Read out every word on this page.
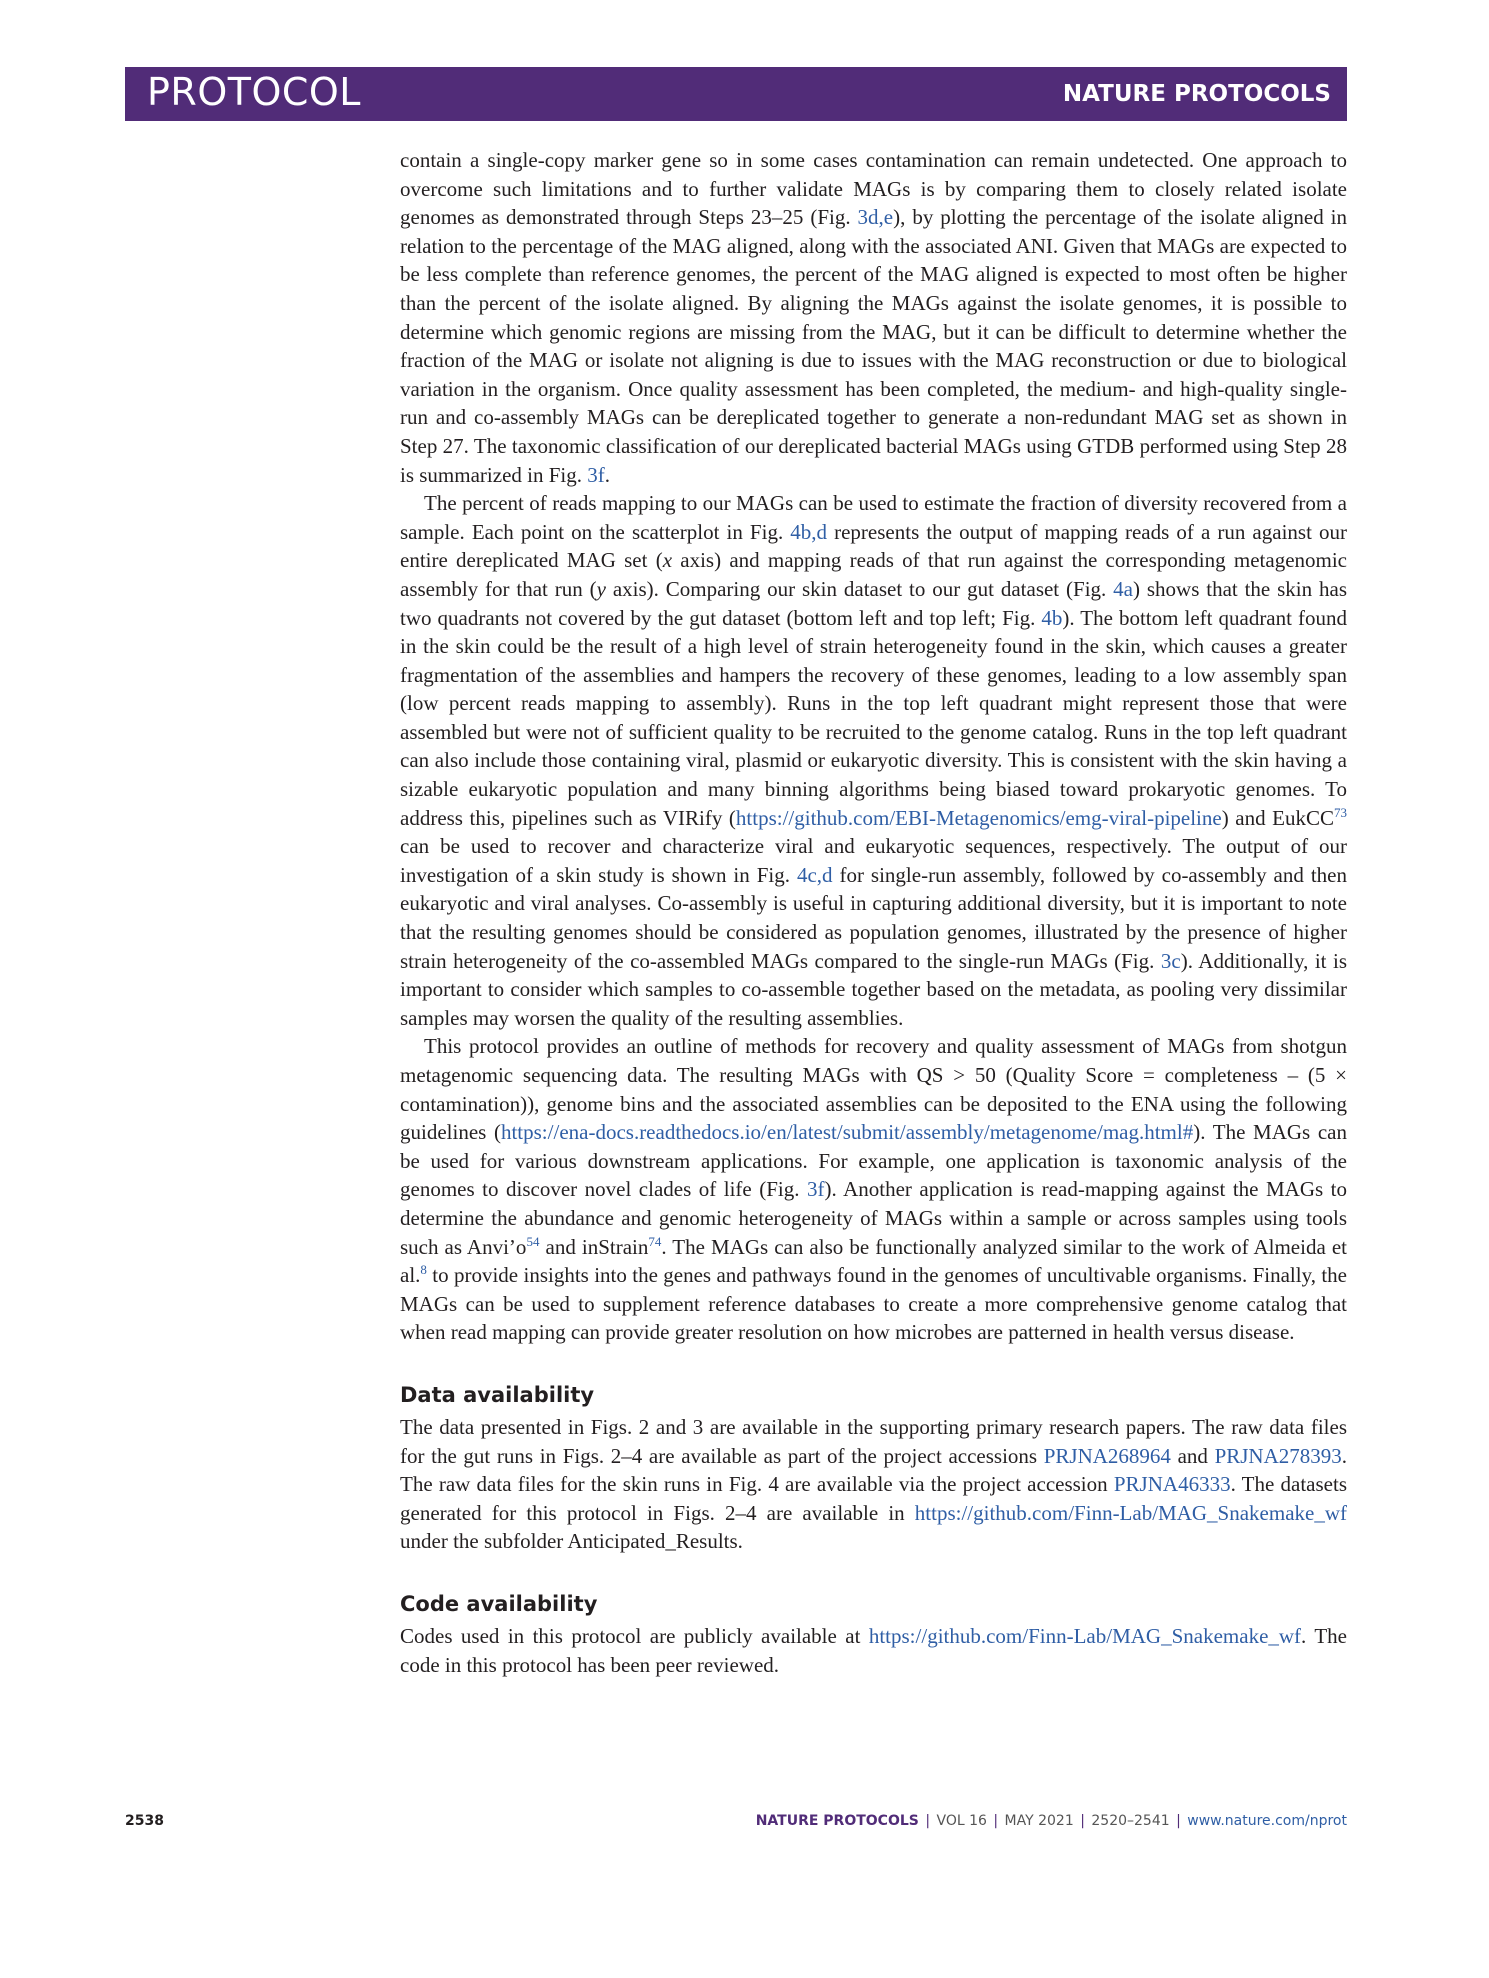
PROTOCOL	NATURE PROTOCOLS

contain a single-copy marker gene so in some cases contamination can remain undetected. One approach to overcome such limitations and to further validate MAGs is by comparing them to closely related isolate genomes as demonstrated through Steps 23–25 (Fig. 3d,e), by plotting the percentage of the isolate aligned in relation to the percentage of the MAG aligned, along with the associated ANI. Given that MAGs are expected to be less complete than reference genomes, the percent of the MAG aligned is expected to most often be higher than the percent of the isolate aligned. By aligning the MAGs against the isolate genomes, it is possible to determine which genomic regions are missing from the MAG, but it can be difficult to determine whether the fraction of the MAG or isolate not aligning is due to issues with the MAG reconstruction or due to biological variation in the organism. Once quality assessment has been completed, the medium- and high-quality single-run and co-assembly MAGs can be dereplicated together to generate a non-redundant MAG set as shown in Step 27. The taxonomic classification of our dereplicated bacterial MAGs using GTDB performed using Step 28 is summarized in Fig. 3f.

The percent of reads mapping to our MAGs can be used to estimate the fraction of diversity recovered from a sample. Each point on the scatterplot in Fig. 4b,d represents the output of mapping reads of a run against our entire dereplicated MAG set (x axis) and mapping reads of that run against the corresponding metagenomic assembly for that run (y axis). Comparing our skin dataset to our gut dataset (Fig. 4a) shows that the skin has two quadrants not covered by the gut dataset (bottom left and top left; Fig. 4b). The bottom left quadrant found in the skin could be the result of a high level of strain heterogeneity found in the skin, which causes a greater fragmentation of the assemblies and hampers the recovery of these genomes, leading to a low assembly span (low percent reads mapping to assembly). Runs in the top left quadrant might represent those that were assembled but were not of sufficient quality to be recruited to the genome catalog. Runs in the top left quadrant can also include those containing viral, plasmid or eukaryotic diversity. This is consistent with the skin having a sizable eukaryotic population and many binning algorithms being biased toward prokaryotic genomes. To address this, pipelines such as VIRify (https://github.com/EBI-Metagenomics/emg-viral-pipeline) and EukCC$^{73}$ can be used to recover and characterize viral and eukaryotic sequences, respectively. The output of our investigation of a skin study is shown in Fig. 4c,d for single-run assembly, followed by co-assembly and then eukaryotic and viral analyses. Co-assembly is useful in capturing additional diversity, but it is important to note that the resulting genomes should be considered as population genomes, illustrated by the presence of higher strain heterogeneity of the co-assembled MAGs compared to the single-run MAGs (Fig. 3c). Additionally, it is important to consider which samples to co-assemble together based on the metadata, as pooling very dissimilar samples may worsen the quality of the resulting assemblies.

This protocol provides an outline of methods for recovery and quality assessment of MAGs from shotgun metagenomic sequencing data. The resulting MAGs with QS > 50 (Quality Score = completeness – (5 × contamination)), genome bins and the associated assemblies can be deposited to the ENA using the following guidelines (https://ena-docs.readthedocs.io/en/latest/submit/assembly/metagenome/mag.html#). The MAGs can be used for various downstream applications. For example, one application is taxonomic analysis of the genomes to discover novel clades of life (Fig. 3f). Another application is read-mapping against the MAGs to determine the abundance and genomic heterogeneity of MAGs within a sample or across samples using tools such as $Anvi’o^{54}$ and inStrain$^{74}$. The MAGs can also be functionally analyzed similar to the work of Almeida et al.$^8$ to provide insights into the genes and pathways found in the genomes of uncultivable organisms. Finally, the MAGs can be used to supplement reference databases to create a more comprehensive genome catalog that when read mapping can provide greater resolution on how microbes are patterned in health versus disease.

Data availability

The data presented in Figs. 2 and 3 are available in the supporting primary research papers. The raw data files for the gut runs in Figs. 2–4 are available as part of the project accessions PRJNA268964 and PRJNA278393. The raw data files for the skin runs in Fig. 4 are available via the project accession PRJNA46333. The datasets generated for this protocol in Figs. 2–4 are available in https://github.com/Finn-Lab/MAG_Snakemake_wf under the subfolder Anticipated_Results.

Code availability

Codes used in this protocol are publicly available at https://github.com/Finn-Lab/MAG_Snakemake_wf. The code in this protocol has been peer reviewed.

2538	NATURE PROTOCOLS | VOL 16 | MAY 2021 | 2520–2541 | www.nature.com/nprot
